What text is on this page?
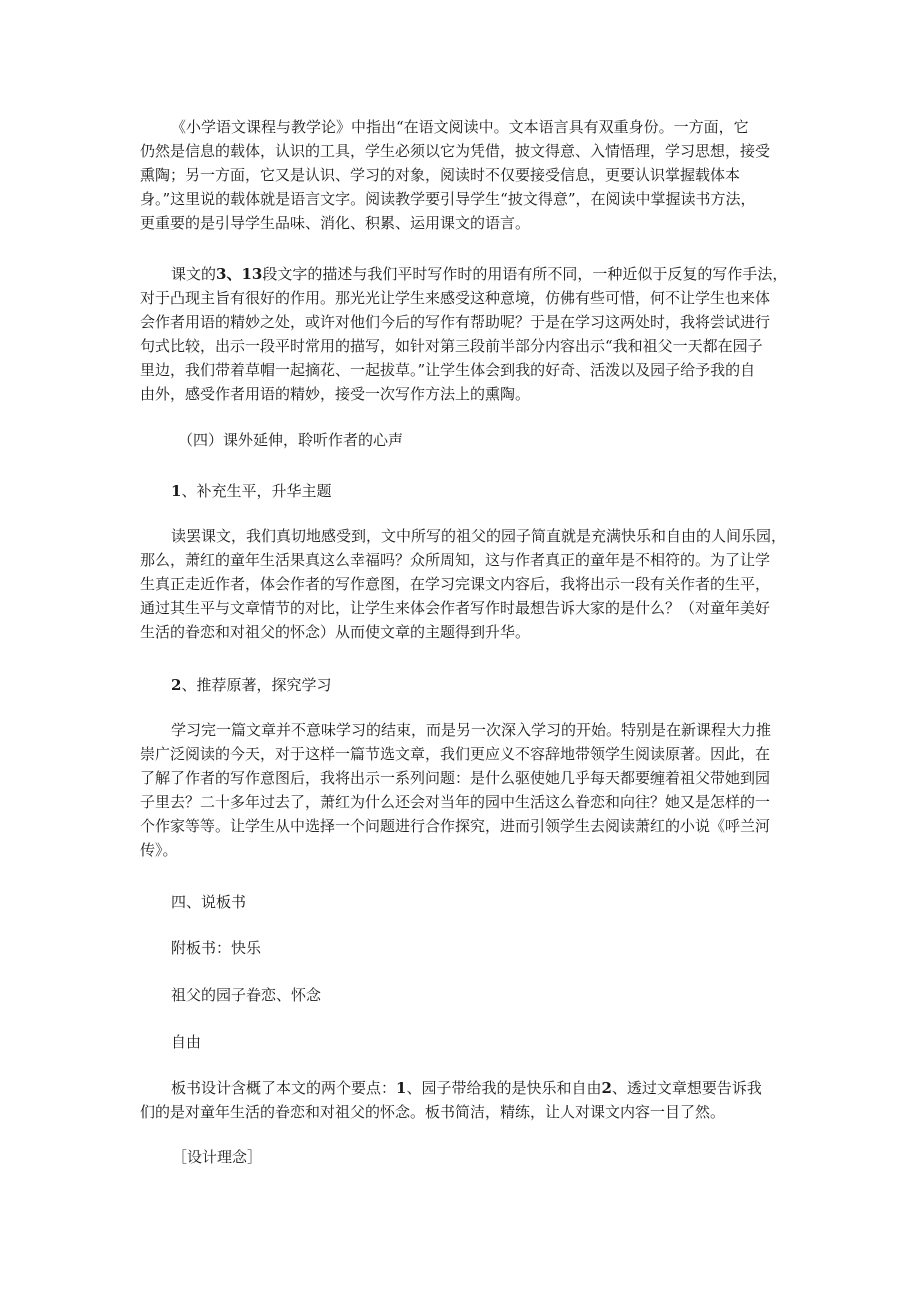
《小学语文课程与教学论》中指出“在语文阅读中。文本语言具有双重身份。一方面，它
仍然是信息的载体，认识的工具，学生必须以它为凭借，披文得意、入情悟理，学习思想，接受
熏陶；另一方面，它又是认识、学习的对象，阅读时不仅要接受信息，更要认识掌握载体本
身。”这里说的载体就是语言文字。阅读教学要引导学生“披文得意”，在阅读中掌握读书方法，
更重要的是引导学生品味、消化、积累、运用课文的语言。
课文的3、13段文字的描述与我们平时写作时的用语有所不同，一种近似于反复的写作手法，
对于凸现主旨有很好的作用。那光光让学生来感受这种意境，仿佛有些可惜，何不让学生也来体
会作者用语的精妙之处，或许对他们今后的写作有帮助呢？于是在学习这两处时，我将尝试进行
句式比较，出示一段平时常用的描写，如针对第三段前半部分内容出示“我和祖父一天都在园子
里边，我们带着草帽一起摘花、一起拔草。”让学生体会到我的好奇、活泼以及园子给予我的自
由外，感受作者用语的精妙，接受一次写作方法上的熏陶。
（四）课外延伸，聆听作者的心声
1、补充生平，升华主题
读罢课文，我们真切地感受到，文中所写的祖父的园子简直就是充满快乐和自由的人间乐园，
那么，萧红的童年生活果真这么幸福吗？众所周知，这与作者真正的童年是不相符的。为了让学
生真正走近作者，体会作者的写作意图，在学习完课文内容后，我将出示一段有关作者的生平，
通过其生平与文章情节的对比，让学生来体会作者写作时最想告诉大家的是什么？（对童年美好
生活的眷恋和对祖父的怀念）从而使文章的主题得到升华。
2、推荐原著，探究学习
学习完一篇文章并不意味学习的结束，而是另一次深入学习的开始。特别是在新课程大力推
崇广泛阅读的今天，对于这样一篇节选文章，我们更应义不容辞地带领学生阅读原著。因此，在
了解了作者的写作意图后，我将出示一系列问题：是什么驱使她几乎每天都要缠着祖父带她到园
子里去？二十多年过去了，萧红为什么还会对当年的园中生活这么眷恋和向往？她又是怎样的一
个作家等等。让学生从中选择一个问题进行合作探究，进而引领学生去阅读萧红的小说《呼兰河
传》。
四、说板书
附板书：快乐
祖父的园子眷恋、怀念
自由
板书设计含概了本文的两个要点：1、园子带给我的是快乐和自由2、透过文章想要告诉我
们的是对童年生活的眷恋和对祖父的怀念。板书简洁，精练，让人对课文内容一目了然。
［设计理念］
